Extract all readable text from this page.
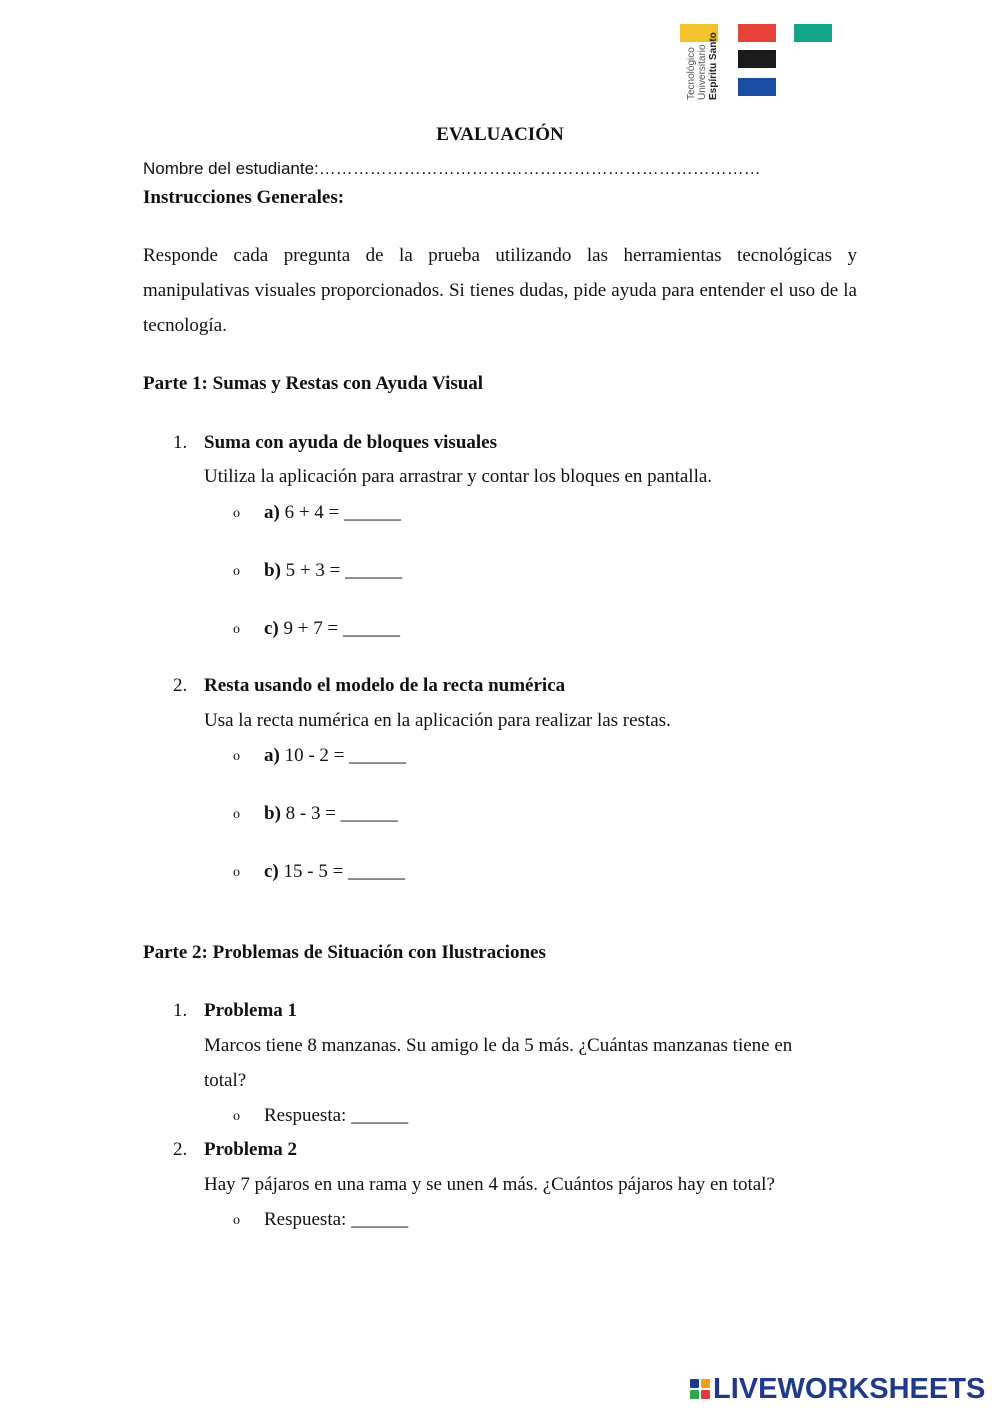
Tecnológico Universitario Espíritu Santo
EVALUACIÓN
Nombre del estudiante:……………………………………………………………………
Instrucciones Generales:
Responde cada pregunta de la prueba utilizando las herramientas tecnológicas y manipulativas visuales proporcionados. Si tienes dudas, pide ayuda para entender el uso de la tecnología.
Parte 1: Sumas y Restas con Ayuda Visual
1. Suma con ayuda de bloques visuales
Utiliza la aplicación para arrastrar y contar los bloques en pantalla.
o a) 6 + 4 = ______
o b) 5 + 3 = ______
o c) 9 + 7 = ______
2. Resta usando el modelo de la recta numérica
Usa la recta numérica en la aplicación para realizar las restas.
o a) 10 - 2 = ______
o b) 8 - 3 = ______
o c) 15 - 5 = ______
Parte 2: Problemas de Situación con Ilustraciones
1. Problema 1
Marcos tiene 8 manzanas. Su amigo le da 5 más. ¿Cuántas manzanas tiene en
total?
o Respuesta: ______
2. Problema 2
Hay 7 pájaros en una rama y se unen 4 más. ¿Cuántos pájaros hay en total?
o Respuesta: ______
LIVEWORKSHEETS
